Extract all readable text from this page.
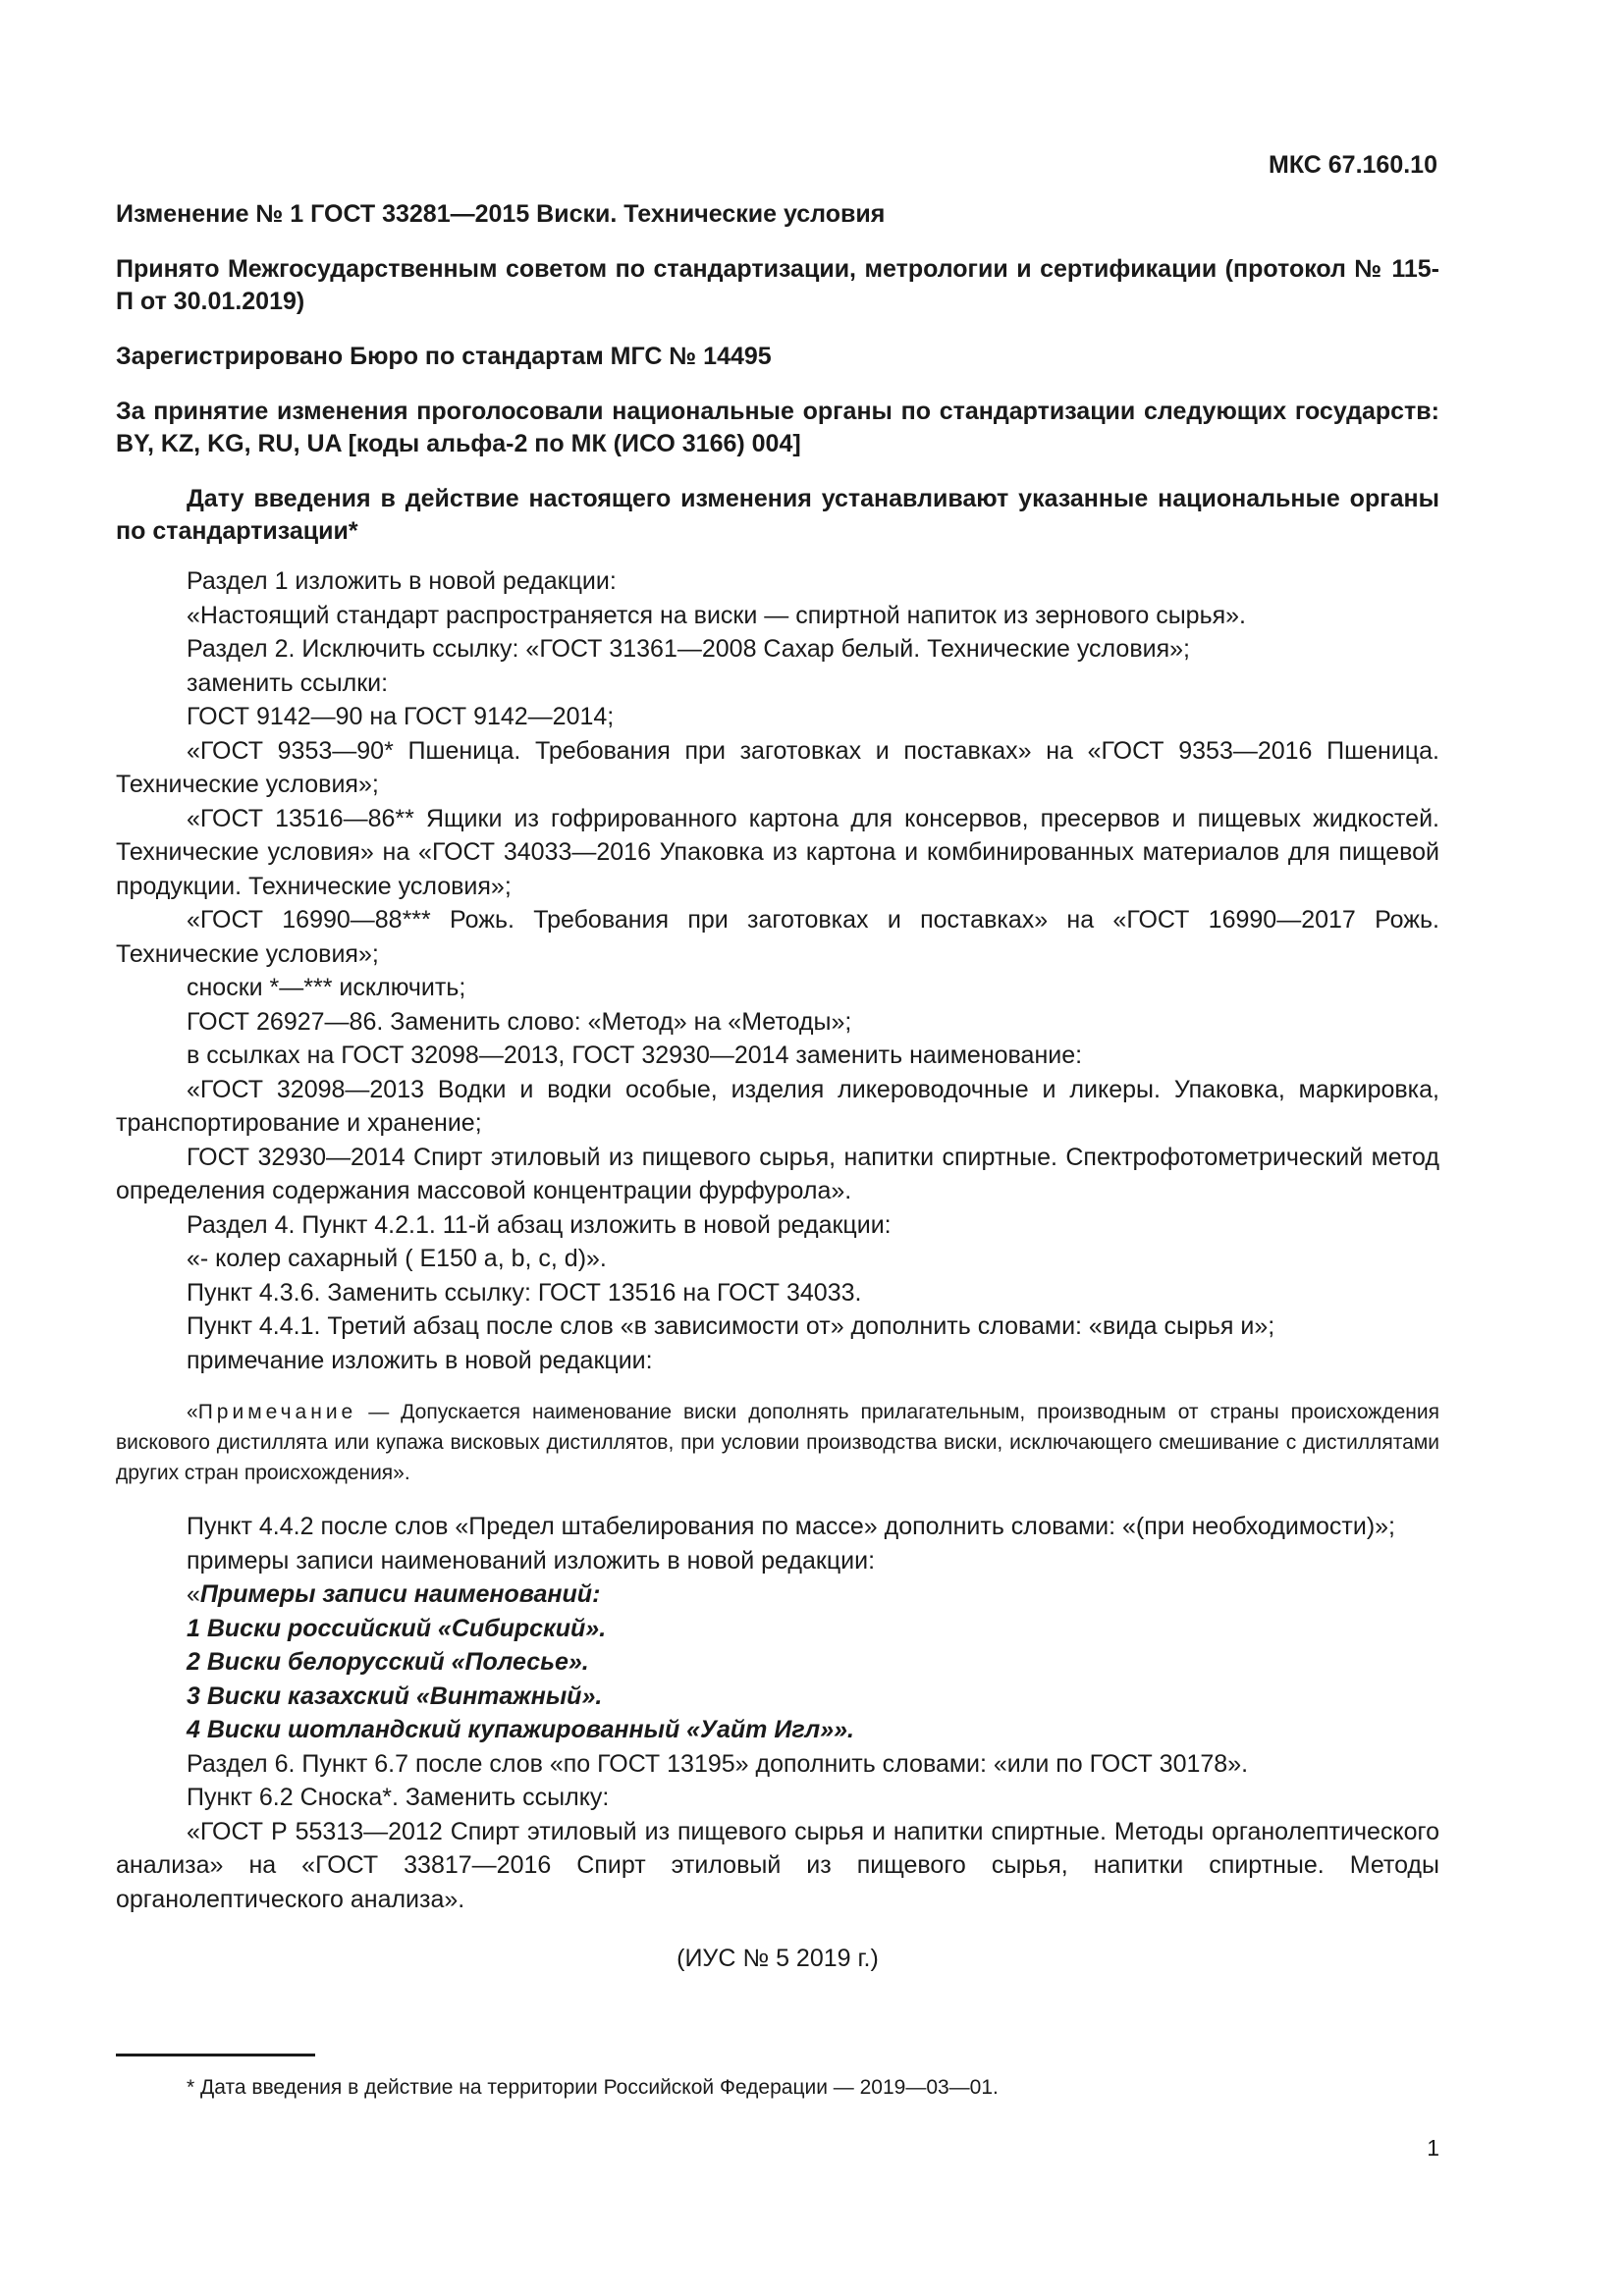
МКС 67.160.10

Изменение № 1 ГОСТ 33281—2015 Виски. Технические условия

Принято Межгосударственным советом по стандартизации, метрологии и сертификации (протокол № 115-П от 30.01.2019)

Зарегистрировано Бюро по стандартам МГС № 14495

За принятие изменения проголосовали национальные органы по стандартизации следующих государств: BY, KZ, KG, RU, UA [коды альфа-2 по МК (ИСО 3166) 004]

Дату введения в действие настоящего изменения устанавливают указанные национальные органы по стандартизации*

Раздел 1 изложить в новой редакции:

«Настоящий стандарт распространяется на виски — спиртной напиток из зернового сырья».

Раздел 2. Исключить ссылку: «ГОСТ 31361—2008 Сахар белый. Технические условия»;

заменить ссылки:

ГОСТ 9142—90 на ГОСТ 9142—2014;

«ГОСТ 9353—90* Пшеница. Требования при заготовках и поставках» на «ГОСТ 9353—2016 Пшеница. Технические условия»;

«ГОСТ 13516—86** Ящики из гофрированного картона для консервов, пресервов и пищевых жидкостей. Технические условия» на «ГОСТ 34033—2016 Упаковка из картона и комбинированных материалов для пищевой продукции. Технические условия»;

«ГОСТ 16990—88*** Рожь. Требования при заготовках и поставках» на «ГОСТ 16990—2017 Рожь. Технические условия»;

сноски *—*** исключить;

ГОСТ 26927—86. Заменить слово: «Метод» на «Методы»;

в ссылках на ГОСТ 32098—2013, ГОСТ 32930—2014 заменить наименование:

«ГОСТ 32098—2013 Водки и водки особые, изделия ликероводочные и ликеры. Упаковка, маркировка, транспортирование и хранение;

ГОСТ 32930—2014 Спирт этиловый из пищевого сырья, напитки спиртные. Спектрофотометрический метод определения содержания массовой концентрации фурфурола».

Раздел 4. Пункт 4.2.1. 11-й абзац изложить в новой редакции:

«- колер сахарный ( Е150 а, b, c, d)».

Пункт 4.3.6. Заменить ссылку: ГОСТ 13516 на ГОСТ 34033.

Пункт 4.4.1. Третий абзац после слов «в зависимости от» дополнить словами: «вида сырья и»;

примечание изложить в новой редакции:

«Примечание — Допускается наименование виски дополнять прилагательным, производным от страны происхождения вискового дистиллята или купажа висковых дистиллятов, при условии производства виски, исключающего смешивание с дистиллятами других стран происхождения».

Пункт 4.4.2 после слов «Предел штабелирования по массе» дополнить словами: «(при необходимости)»;

примеры записи наименований изложить в новой редакции:

«Примеры записи наименований:

1 Виски российский «Сибирский».

2 Виски белорусский «Полесье».

3 Виски казахский «Винтажный».

4 Виски шотландский купажированный «Уайт Игл»».

Раздел 6. Пункт 6.7 после слов «по ГОСТ 13195» дополнить словами: «или по ГОСТ 30178».

Пункт 6.2 Сноска*. Заменить ссылку:

«ГОСТ Р 55313—2012 Спирт этиловый из пищевого сырья и напитки спиртные. Методы органолептического анализа» на «ГОСТ 33817—2016 Спирт этиловый из пищевого сырья, напитки спиртные. Методы органолептического анализа».

(ИУС № 5 2019 г.)
* Дата введения в действие на территории Российской Федерации — 2019—03—01.
1
